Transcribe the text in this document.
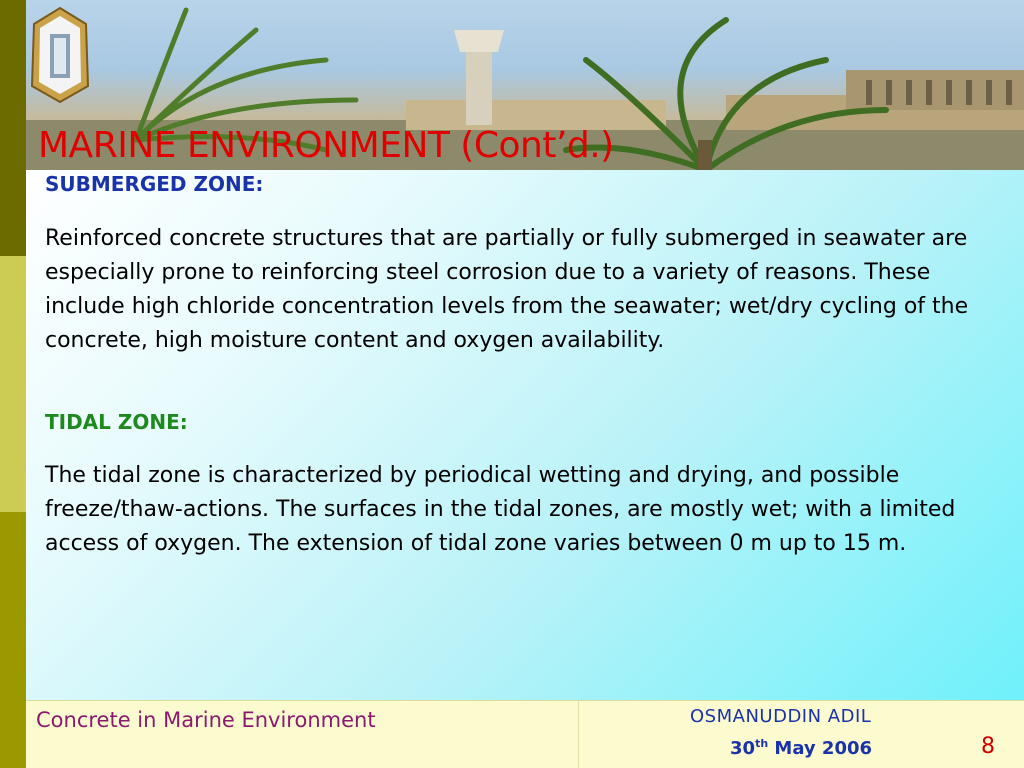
MARINE ENVIRONMENT (Cont’d.)
SUBMERGED ZONE:
Reinforced concrete structures that are partially or fully submerged in seawater are especially prone to reinforcing steel corrosion due to a variety of reasons. These include high chloride concentration levels from the seawater; wet/dry cycling of the concrete, high moisture content and oxygen availability.
TIDAL ZONE:
The tidal zone is characterized by periodical wetting and drying, and possible freeze/thaw-actions. The surfaces in the tidal zones, are mostly wet; with a limited access of oxygen. The extension of tidal zone varies between 0 m up to 15 m.
Concrete in Marine Environment	OSMANUDDIN ADIL
30th May 2006	8
